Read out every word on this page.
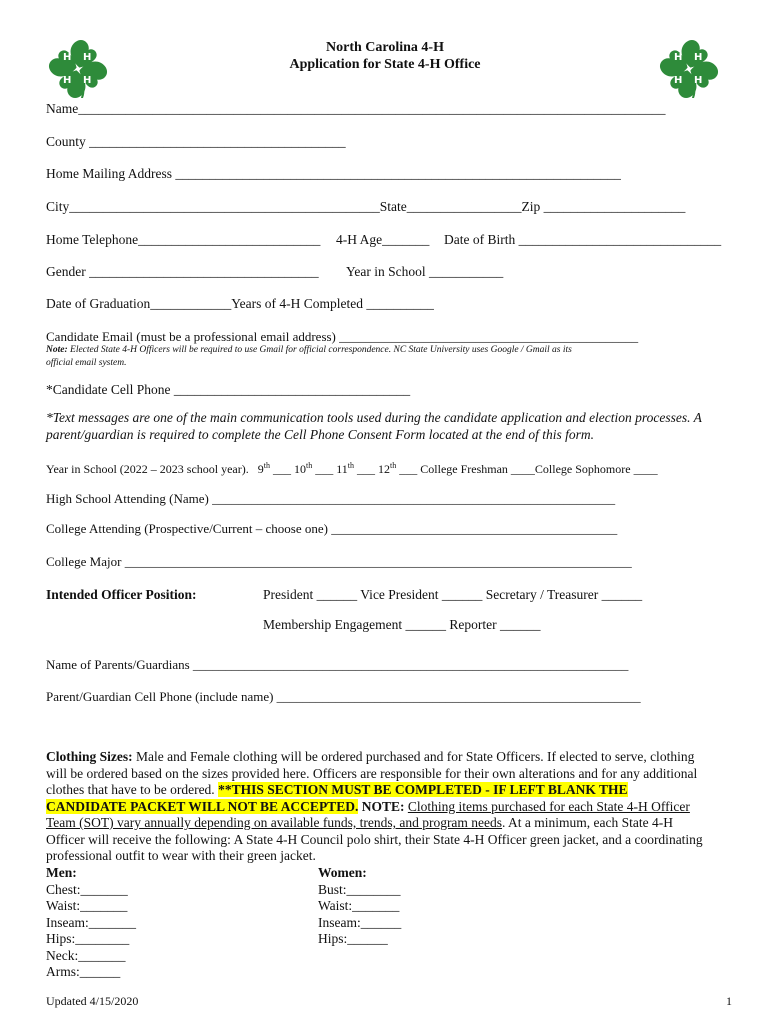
H H
H H
H H
H H
North Carolina 4-H
Application for State 4-H Office
Name_______________________________________________________________________________________
County ______________________________________
Home Mailing Address __________________________________________________________________
City______________________________________________State_________________Zip _____________________
Home Telephone___________________________ 4-H Age_______ Date of Birth ______________________________
Gender __________________________________ Year in School ___________
Date of Graduation____________Years of 4-H Completed __________
Candidate Email (must be a professional email address) ______________________________________________
Note: Elected State 4-H Officers will be required to use Gmail for official correspondence. NC State University uses Google / Gmail as its
official email system.
*Candidate Cell Phone ___________________________________
*Text messages are one of the main communication tools used during the candidate application and election processes. A
parent/guardian is required to complete the Cell Phone Consent Form located at the end of this form.
Year in School (2022 – 2023 school year). 9th ___ 10th ___ 11th ___ 12th ___ College Freshman ____College Sophomore ____
High School Attending (Name) ______________________________________________________________
College Attending (Prospective/Current – choose one) ____________________________________________
College Major ______________________________________________________________________________
Intended Officer Position:	President ______ Vice President ______ Secretary / Treasurer ______
Membership Engagement ______ Reporter ______
Name of Parents/Guardians ___________________________________________________________________
Parent/Guardian Cell Phone (include name) ________________________________________________________
Clothing Sizes: Male and Female clothing will be ordered purchased and for State Officers. If elected to serve, clothing will be ordered based on the sizes provided here. Officers are responsible for their own alterations and for any additional clothes that have to be ordered. **THIS SECTION MUST BE COMPLETED - IF LEFT BLANK THE CANDIDATE PACKET WILL NOT BE ACCEPTED. NOTE: Clothing items purchased for each State 4-H Officer Team (SOT) vary annually depending on available funds, trends, and program needs. At a minimum, each State 4-H Officer will receive the following: A State 4-H Council polo shirt, their State 4-H Officer green jacket, and a coordinating professional outfit to wear with their green jacket.
Men:
Chest:_______
Waist:_______
Inseam:_______
Hips:________
Neck:_______
Arms:______
Women:
Bust:________
Waist:_______
Inseam:______
Hips:______
Updated 4/15/2020	1
